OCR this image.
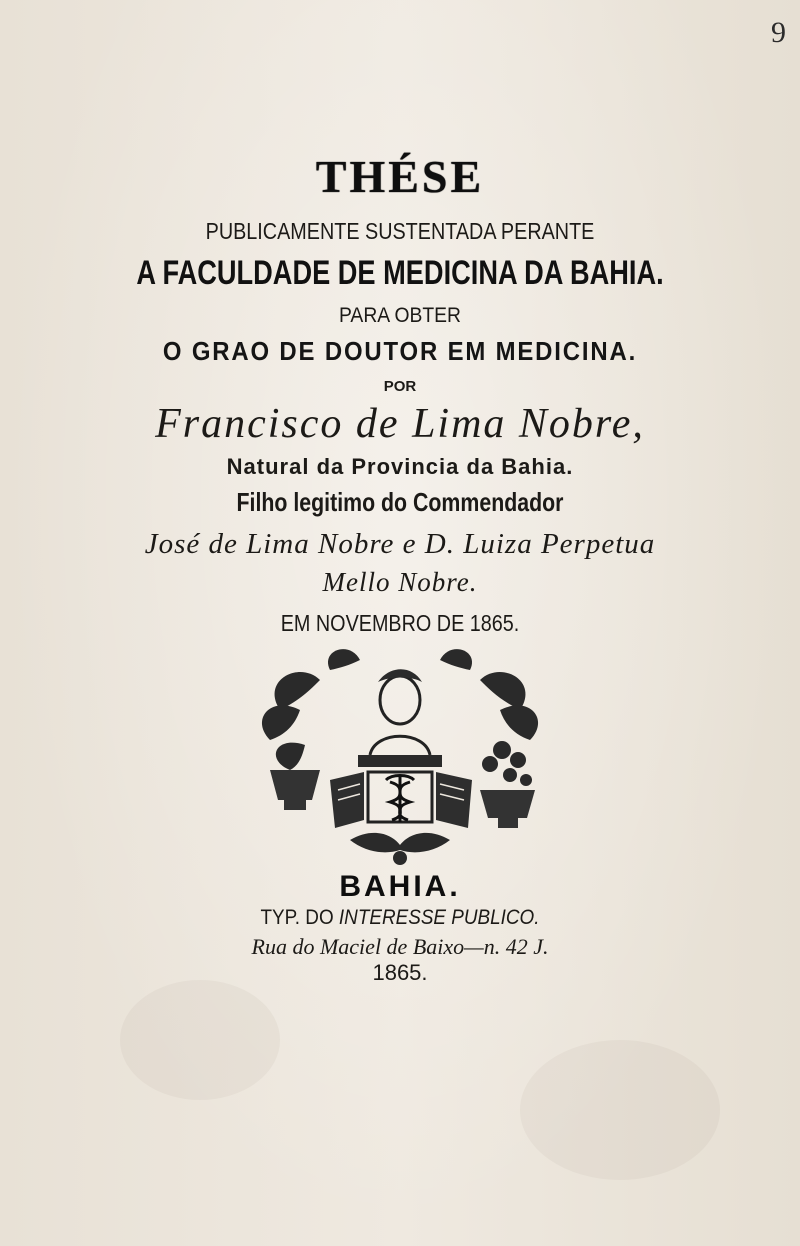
9
THÉSE
PUBLICAMENTE SUSTENTADA PERANTE
A FACULDADE DE MEDICINA DA BAHIA.
PARA OBTER
O GRAO DE DOUTOR EM MEDICINA.
POR
Francisco de Lima Nobre,
Natural da Provincia da Bahia.
Filho legitimo do Commendador
José de Lima Nobre e D. Luiza Perpetua
Mello Nobre.
EM NOVEMBRO DE 1865.
BAHIA.
TYP. DO INTERESSE PUBLICO.
Rua do Maciel de Baixo—n. 42 J.
1865.
